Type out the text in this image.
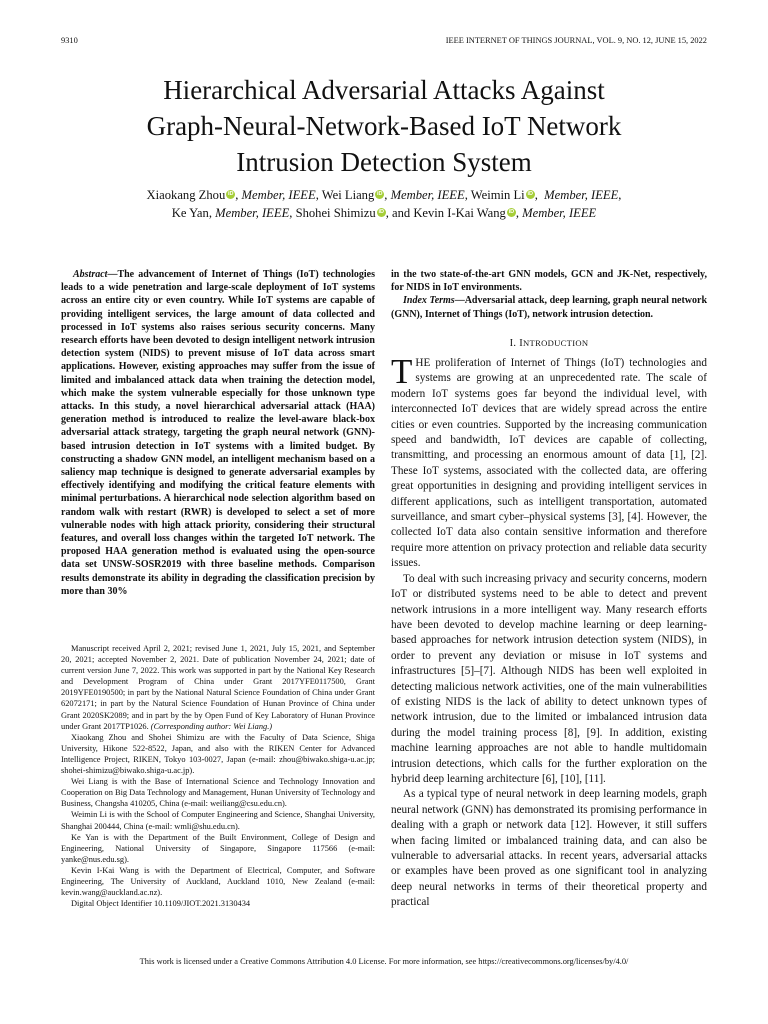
9310	IEEE INTERNET OF THINGS JOURNAL, VOL. 9, NO. 12, JUNE 15, 2022
Hierarchical Adversarial Attacks Against
Graph-Neural-Network-Based IoT Network
Intrusion Detection System
Xiaokang Zhou iD , Member, IEEE, Wei Liang iD , Member, IEEE, Weimin Li iD ,  Member, IEEE,
Ke Yan, Member, IEEE, Shohei Shimizu iD , and Kevin I-Kai Wang iD , Member, IEEE

Abstract—The advancement of Internet of Things (IoT) technologies leads to a wide penetration and large-scale deployment of IoT systems across an entire city or even country. While IoT systems are capable of providing intelligent services, the large amount of data collected and processed in IoT systems also raises serious security concerns. Many research efforts have been devoted to design intelligent network intrusion detection system (NIDS) to prevent misuse of IoT data across smart applications. However, existing approaches may suffer from the issue of limited and imbalanced attack data when training the detection model, which make the system vulnerable especially for those unknown type attacks. In this study, a novel hierarchical adversarial attack (HAA) generation method is introduced to realize the level-aware black-box adversarial attack strategy, targeting the graph neural network (GNN)-based intrusion detection in IoT systems with a limited budget. By constructing a shadow GNN model, an intelligent mechanism based on a saliency map technique is designed to generate adversarial examples by effectively identifying and modifying the critical feature elements with minimal perturbations. A hierarchical node selection algorithm based on random walk with restart (RWR) is developed to select a set of more vulnerable nodes with high attack priority, considering their structural features, and overall loss changes within the targeted IoT network. The proposed HAA generation method is evaluated using the open-source data set UNSW-SOSR2019 with three baseline methods. Comparison results demonstrate its ability in degrading the classification precision by more than 30%

Manuscript received April 2, 2021; revised June 1, 2021, July 15, 2021, and September 20, 2021; accepted November 2, 2021. Date of publication November 24, 2021; date of current version June 7, 2022. This work was supported in part by the National Key Research and Development Program of China under Grant 2017YFE0117500, Grant 2019YFE0190500; in part by the National Natural Science Foundation of China under Grant 62072171; in part by the Natural Science Foundation of Hunan Province of China under Grant 2020SK2089; and in part by the by Open Fund of Key Laboratory of Hunan Province under Grant 2017TP1026. (Corresponding author: Wei Liang.)

Xiaokang Zhou and Shohei Shimizu are with the Faculty of Data Science, Shiga University, Hikone 522-8522, Japan, and also with the RIKEN Center for Advanced Intelligence Project, RIKEN, Tokyo 103-0027, Japan (e-mail: zhou@biwako.shiga-u.ac.jp; shohei-shimizu@biwako.shiga-u.ac.jp).

Wei Liang is with the Base of International Science and Technology Innovation and Cooperation on Big Data Technology and Management, Hunan University of Technology and Business, Changsha 410205, China (e-mail: weiliang@csu.edu.cn).

Weimin Li is with the School of Computer Engineering and Science, Shanghai University, Shanghai 200444, China (e-mail: wmli@shu.edu.cn).

Ke Yan is with the Department of the Built Environment, College of Design and Engineering, National University of Singapore, Singapore 117566 (e-mail: yanke@nus.edu.sg).

Kevin I-Kai Wang is with the Department of Electrical, Computer, and Software Engineering, The University of Auckland, Auckland 1010, New Zealand (e-mail: kevin.wang@auckland.ac.nz).

Digital Object Identifier 10.1109/JIOT.2021.3130434

in the two state-of-the-art GNN models, GCN and JK-Net, respectively, for NIDS in IoT environments.

Index Terms—Adversarial attack, deep learning, graph neural network (GNN), Internet of Things (IoT), network intrusion detection.

I. INTRODUCTION

THE proliferation of Internet of Things (IoT) technologies and systems are growing at an unprecedented rate. The scale of modern IoT systems goes far beyond the individual level, with interconnected IoT devices that are widely spread across the entire cities or even countries. Supported by the increasing communication speed and bandwidth, IoT devices are capable of collecting, transmitting, and processing an enormous amount of data [1], [2]. These IoT systems, associated with the collected data, are offering great opportunities in designing and providing intelligent services in different applications, such as intelligent transportation, automated surveillance, and smart cyber–physical systems [3], [4]. However, the collected IoT data also contain sensitive information and therefore require more attention on privacy protection and reliable data security issues.

To deal with such increasing privacy and security concerns, modern IoT or distributed systems need to be able to detect and prevent network intrusions in a more intelligent way. Many research efforts have been devoted to develop machine learning or deep learning-based approaches for network intrusion detection system (NIDS), in order to prevent any deviation or misuse in IoT systems and infrastructures [5]–[7]. Although NIDS has been well exploited in detecting malicious network activities, one of the main vulnerabilities of existing NIDS is the lack of ability to detect unknown types of network intrusion, due to the limited or imbalanced intrusion data during the model training process [8], [9]. In addition, existing machine learning approaches are not able to handle multidomain intrusion detections, which calls for the further exploration on the hybrid deep learning architecture [6], [10], [11].

As a typical type of neural network in deep learning models, graph neural network (GNN) has demonstrated its promising performance in dealing with a graph or network data [12]. However, it still suffers when facing limited or imbalanced training data, and can also be vulnerable to adversarial attacks. In recent years, adversarial attacks or examples have been proved as one significant tool in analyzing deep neural networks in terms of their theoretical property and practical

This work is licensed under a Creative Commons Attribution 4.0 License. For more information, see https://creativecommons.org/licenses/by/4.0/
